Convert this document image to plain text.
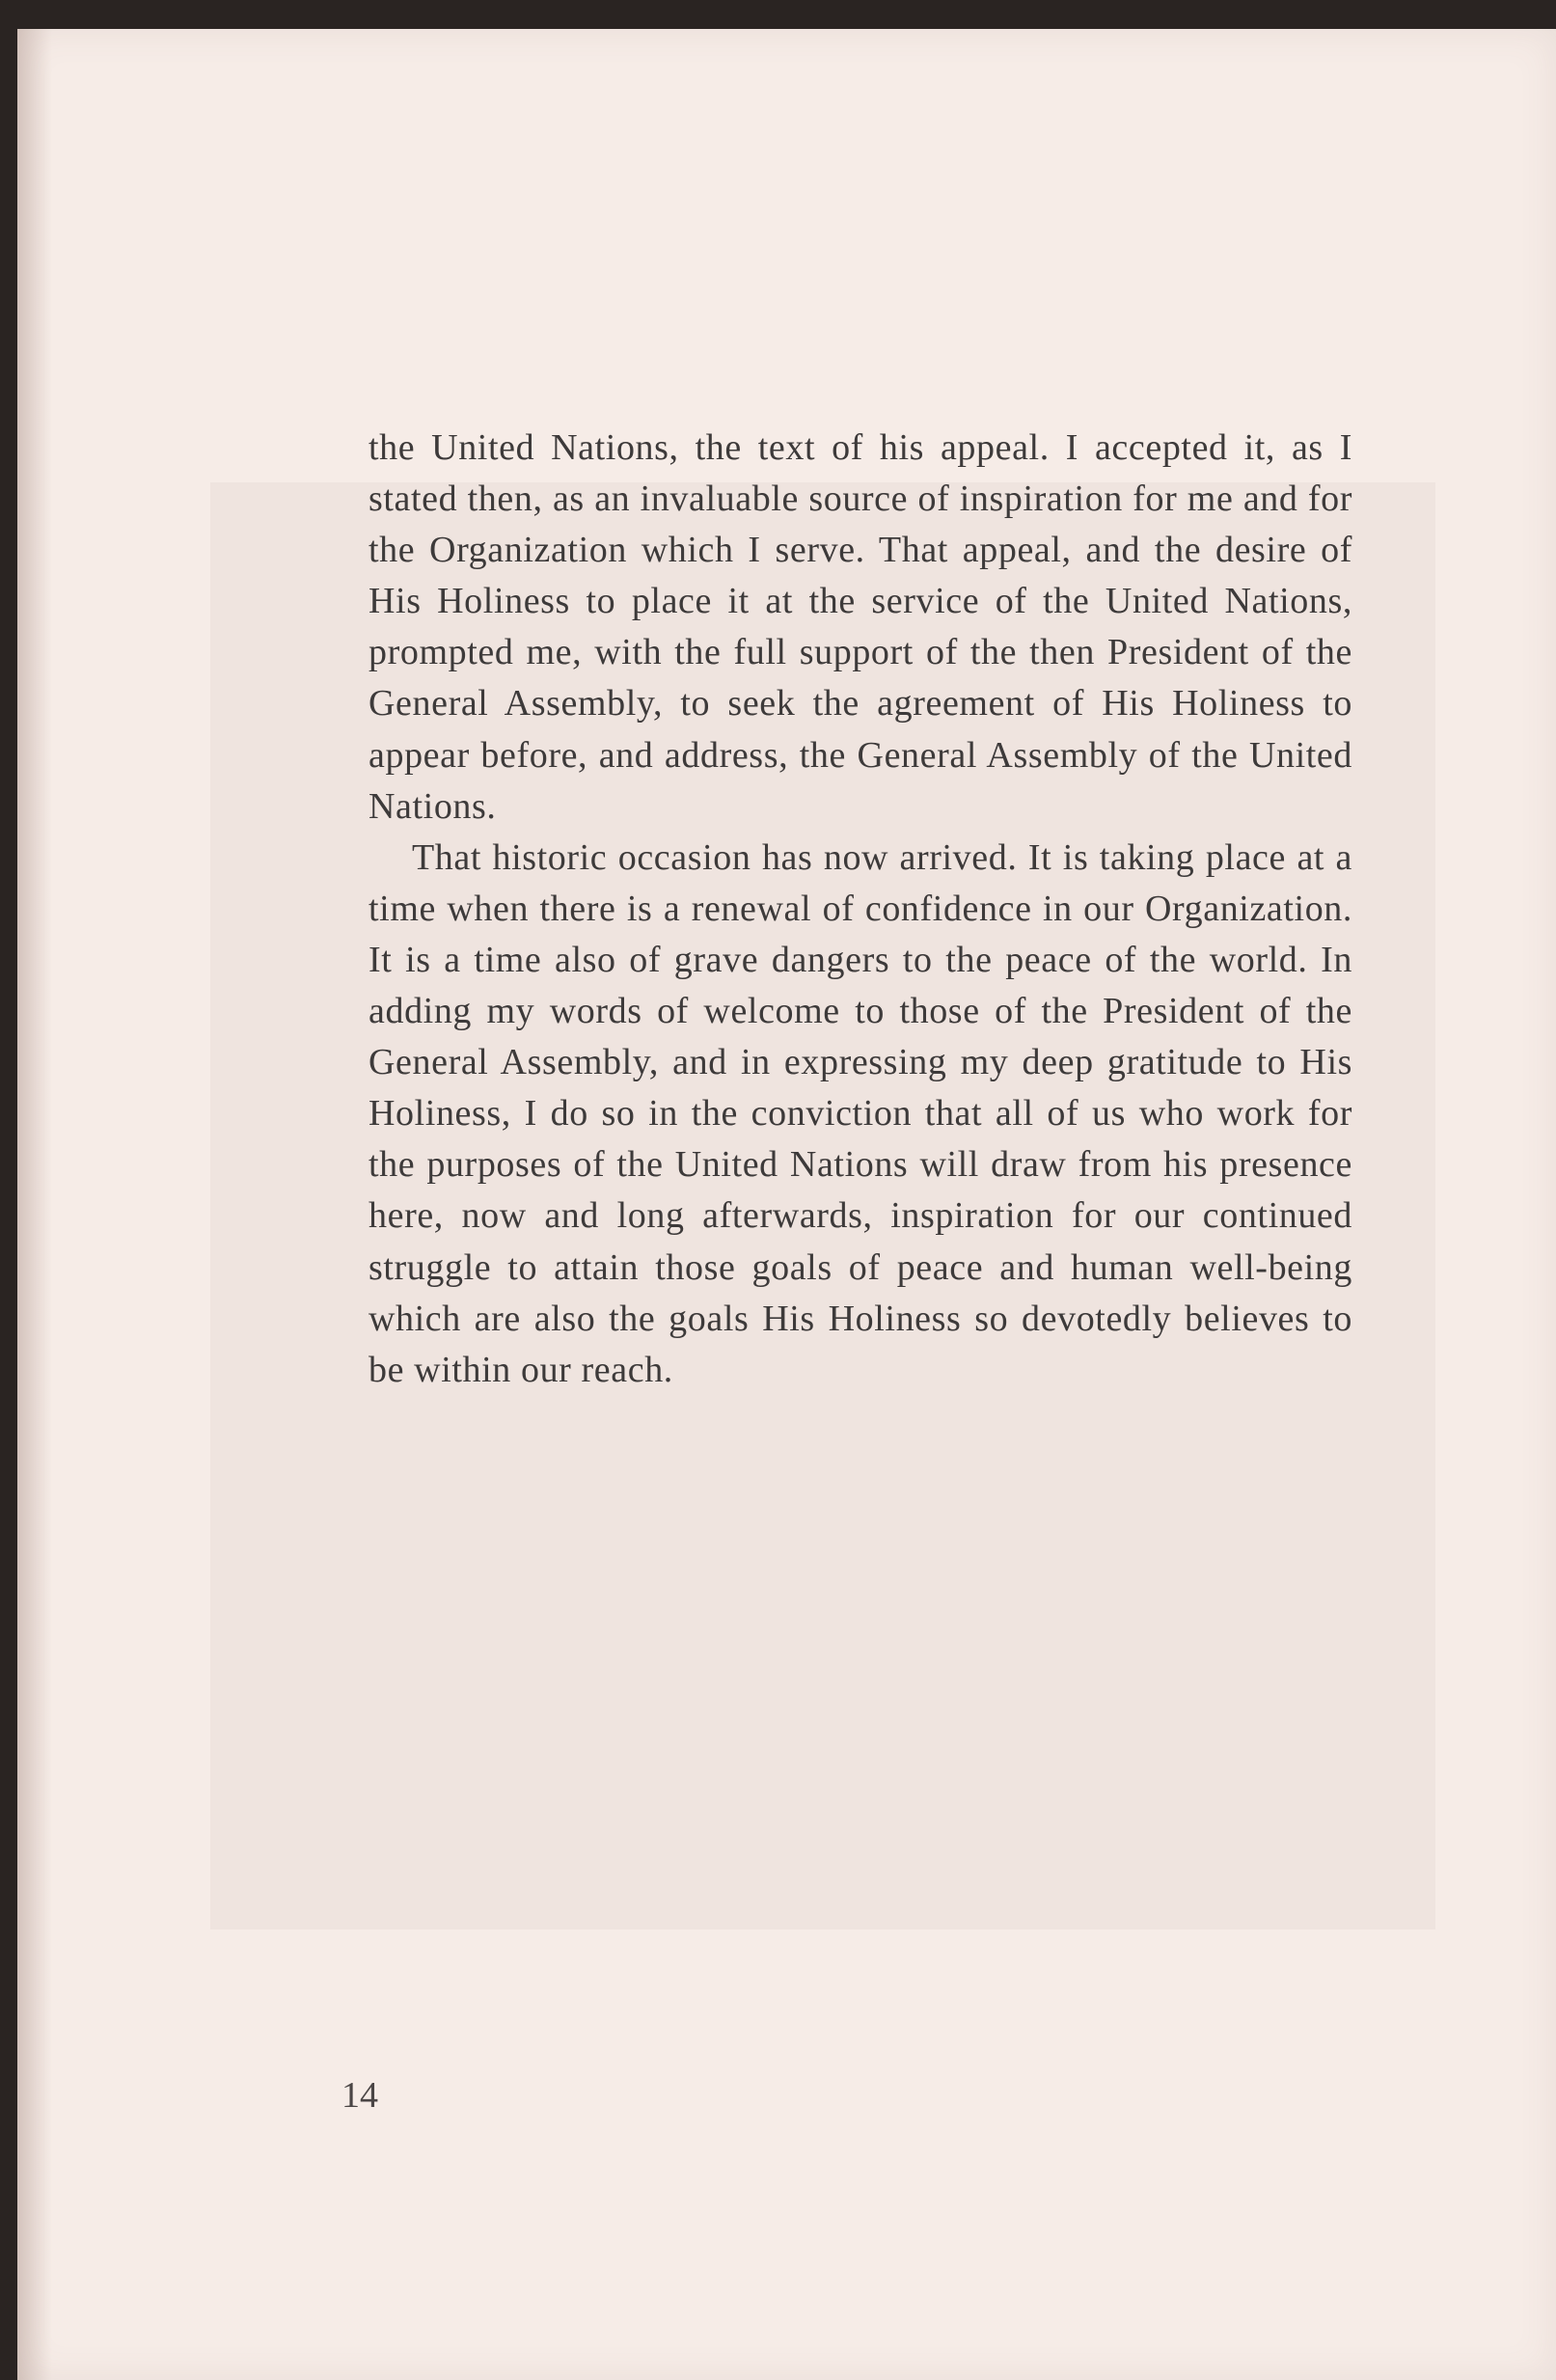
the United Nations, the text of his appeal. I accepted it, as I stated then, as an invaluable source of inspiration for me and for the Organization which I serve. That appeal, and the desire of His Holiness to place it at the service of the United Nations, prompted me, with the full support of the then President of the General Assembly, to seek the agreement of His Holiness to appear before, and address, the General Assembly of the United Nations.

That historic occasion has now arrived. It is taking place at a time when there is a renewal of confidence in our Organization. It is a time also of grave dangers to the peace of the world. In adding my words of welcome to those of the President of the General Assembly, and in expressing my deep gratitude to His Holiness, I do so in the conviction that all of us who work for the purposes of the United Nations will draw from his presence here, now and long afterwards, inspiration for our continued struggle to attain those goals of peace and human well-being which are also the goals His Holiness so devotedly believes to be within our reach.

14
